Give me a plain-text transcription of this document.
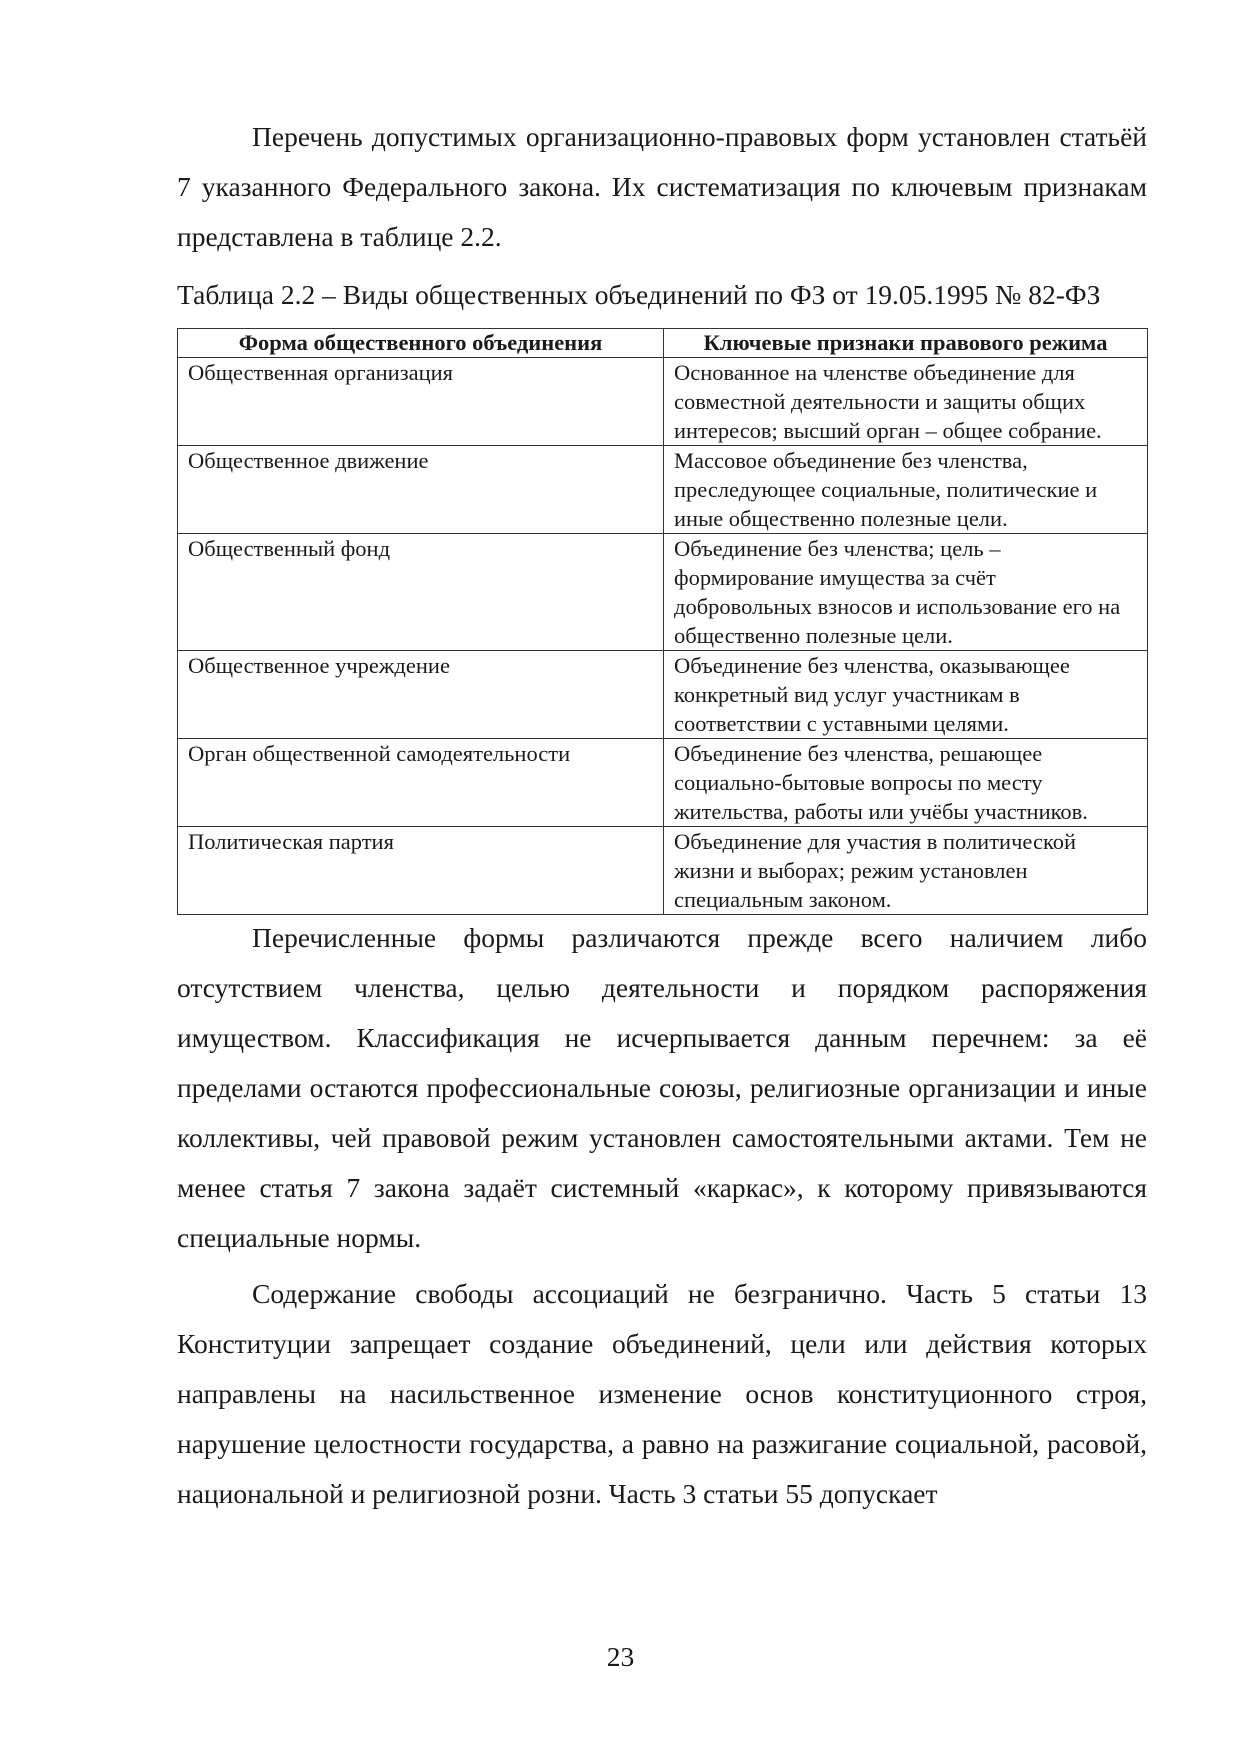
Перечень допустимых организационно-правовых форм установлен статьёй 7 указанного Федерального закона. Их систематизация по ключевым признакам представлена в таблице 2.2.

Таблица 2.2 – Виды общественных объединений по ФЗ от 19.05.1995 № 82-ФЗ

Форма общественного объединения	Ключевые признаки правового режима
Общественная организация	Основанное на членстве объединение для совместной деятельности и защиты общих интересов; высший орган – общее собрание.
Общественное движение	Массовое объединение без членства, преследующее социальные, политические и иные общественно полезные цели.
Общественный фонд	Объединение без членства; цель – формирование имущества за счёт добровольных взносов и использование его на общественно полезные цели.
Общественное учреждение	Объединение без членства, оказывающее конкретный вид услуг участникам в соответствии с уставными целями.
Орган общественной самодеятельности	Объединение без членства, решающее социально-бытовые вопросы по месту жительства, работы или учёбы участников.
Политическая партия	Объединение для участия в политической жизни и выборах; режим установлен специальным законом.

Перечисленные формы различаются прежде всего наличием либо отсутствием членства, целью деятельности и порядком распоряжения имуществом. Классификация не исчерпывается данным перечнем: за её пределами остаются профессиональные союзы, религиозные организации и иные коллективы, чей правовой режим установлен самостоятельными актами. Тем не менее статья 7 закона задаёт системный «каркас», к которому привязываются специальные нормы.

Содержание свободы ассоциаций не безгранично. Часть 5 статьи 13 Конституции запрещает создание объединений, цели или действия которых направлены на насильственное изменение основ конституционного строя, нарушение целостности государства, а равно на разжигание социальной, расовой, национальной и религиозной розни. Часть 3 статьи 55 допускает

23
